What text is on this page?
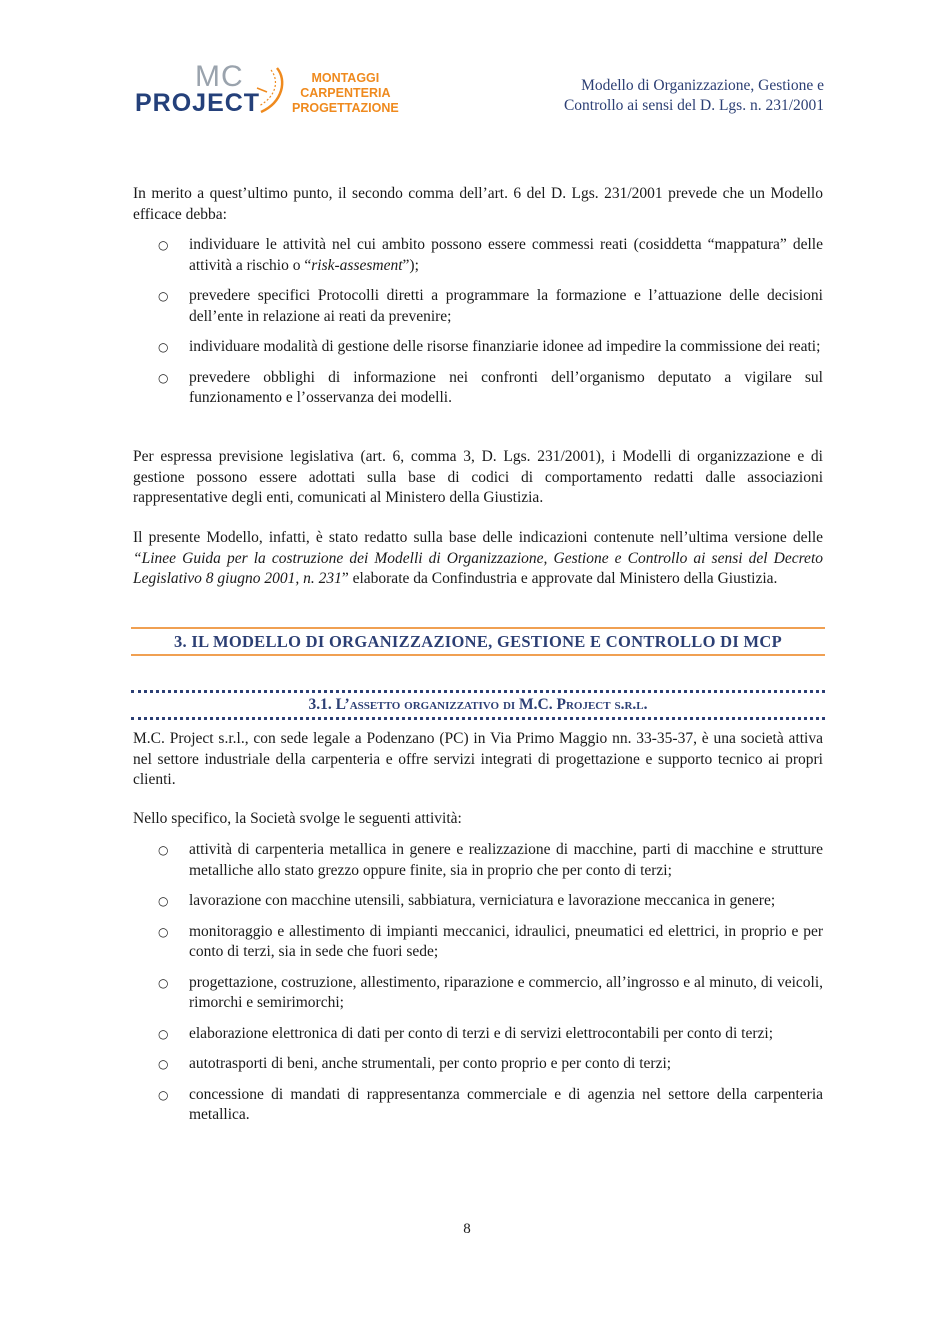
MC
PROJECT
MONTAGGI
CARPENTERIA
PROGETTAZIONE
Modello di Organizzazione, Gestione e
Controllo ai sensi del D. Lgs. n. 231/2001
In merito a quest’ultimo punto, il secondo comma dell’art. 6 del D. Lgs. 231/2001 prevede che un Modello efficace debba:
○ individuare le attività nel cui ambito possono essere commessi reati (cosiddetta “mappatura” delle attività a rischio o “risk-assesment”);
○ prevedere specifici Protocolli diretti a programmare la formazione e l’attuazione delle decisioni dell’ente in relazione ai reati da prevenire;
○ individuare modalità di gestione delle risorse finanziarie idonee ad impedire la commissione dei reati;
○ prevedere obblighi di informazione nei confronti dell’organismo deputato a vigilare sul funzionamento e l’osservanza dei modelli.
Per espressa previsione legislativa (art. 6, comma 3, D. Lgs. 231/2001), i Modelli di organizzazione e di gestione possono essere adottati sulla base di codici di comportamento redatti dalle associazioni rappresentative degli enti, comunicati al Ministero della Giustizia.
Il presente Modello, infatti, è stato redatto sulla base delle indicazioni contenute nell’ultima versione delle “Linee Guida per la costruzione dei Modelli di Organizzazione, Gestione e Controllo ai sensi del Decreto Legislativo 8 giugno 2001, n. 231” elaborate da Confindustria e approvate dal Ministero della Giustizia.
3. IL MODELLO DI ORGANIZZAZIONE, GESTIONE E CONTROLLO DI MCP
3.1. L’assetto organizzativo di M.C. Project s.r.l.
M.C. Project s.r.l., con sede legale a Podenzano (PC) in Via Primo Maggio nn. 33-35-37, è una società attiva nel settore industriale della carpenteria e offre servizi integrati di progettazione e supporto tecnico ai propri clienti.
Nello specifico, la Società svolge le seguenti attività:
○ attività di carpenteria metallica in genere e realizzazione di macchine, parti di macchine e strutture metalliche allo stato grezzo oppure finite, sia in proprio che per conto di terzi;
○ lavorazione con macchine utensili, sabbiatura, verniciatura e lavorazione meccanica in genere;
○ monitoraggio e allestimento di impianti meccanici, idraulici, pneumatici ed elettrici, in proprio e per conto di terzi, sia in sede che fuori sede;
○ progettazione, costruzione, allestimento, riparazione e commercio, all’ingrosso e al minuto, di veicoli, rimorchi e semirimorchi;
○ elaborazione elettronica di dati per conto di terzi e di servizi elettrocontabili per conto di terzi;
○ autotrasporti di beni, anche strumentali, per conto proprio e per conto di terzi;
○ concessione di mandati di rappresentanza commerciale e di agenzia nel settore della carpenteria metallica.
8
